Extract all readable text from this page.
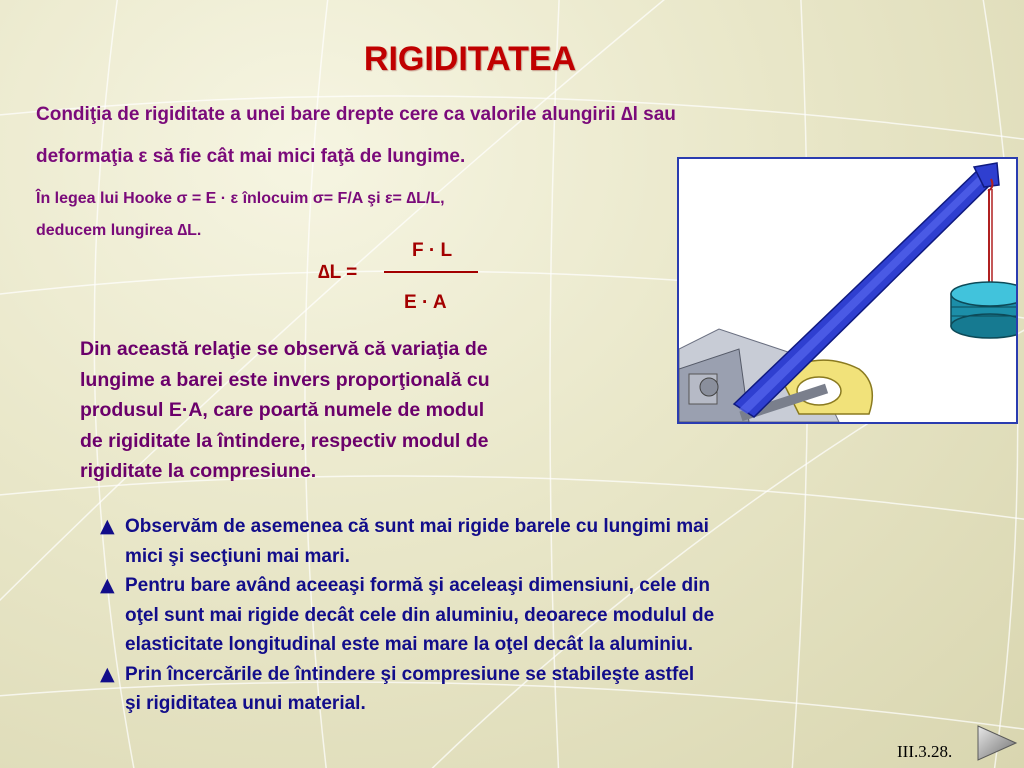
RIGIDITATEA
Condiţia de rigiditate a unei bare drepte cere ca valorile alungirii ∆l sau
deformaţia ε să fie cât mai mici faţă de lungime.
În legea lui Hooke σ = E · ε înlocuim σ= F/A şi ε= ∆L/L,
deducem lungirea ∆L.
∆L =
F · L
E · A
Din această relaţie se observă că variaţia de
lungime a barei este invers proporţională cu
produsul E·A, care poartă numele de modul
de rigiditate la întindere, respectiv modul de
rigiditate la compresiune.
▲ Observăm de asemenea că sunt mai rigide barele cu lungimi mai
mici şi secţiuni mai mari.
▲ Pentru bare având aceeaşi formă şi aceleaşi dimensiuni, cele din
oţel sunt mai rigide decât cele din aluminiu, deoarece modulul de
elasticitate longitudinal este mai mare la oţel decât la aluminiu.
▲ Prin încercările de întindere şi compresiune se stabileşte astfel
şi rigiditatea unui material.
III.3.28.
